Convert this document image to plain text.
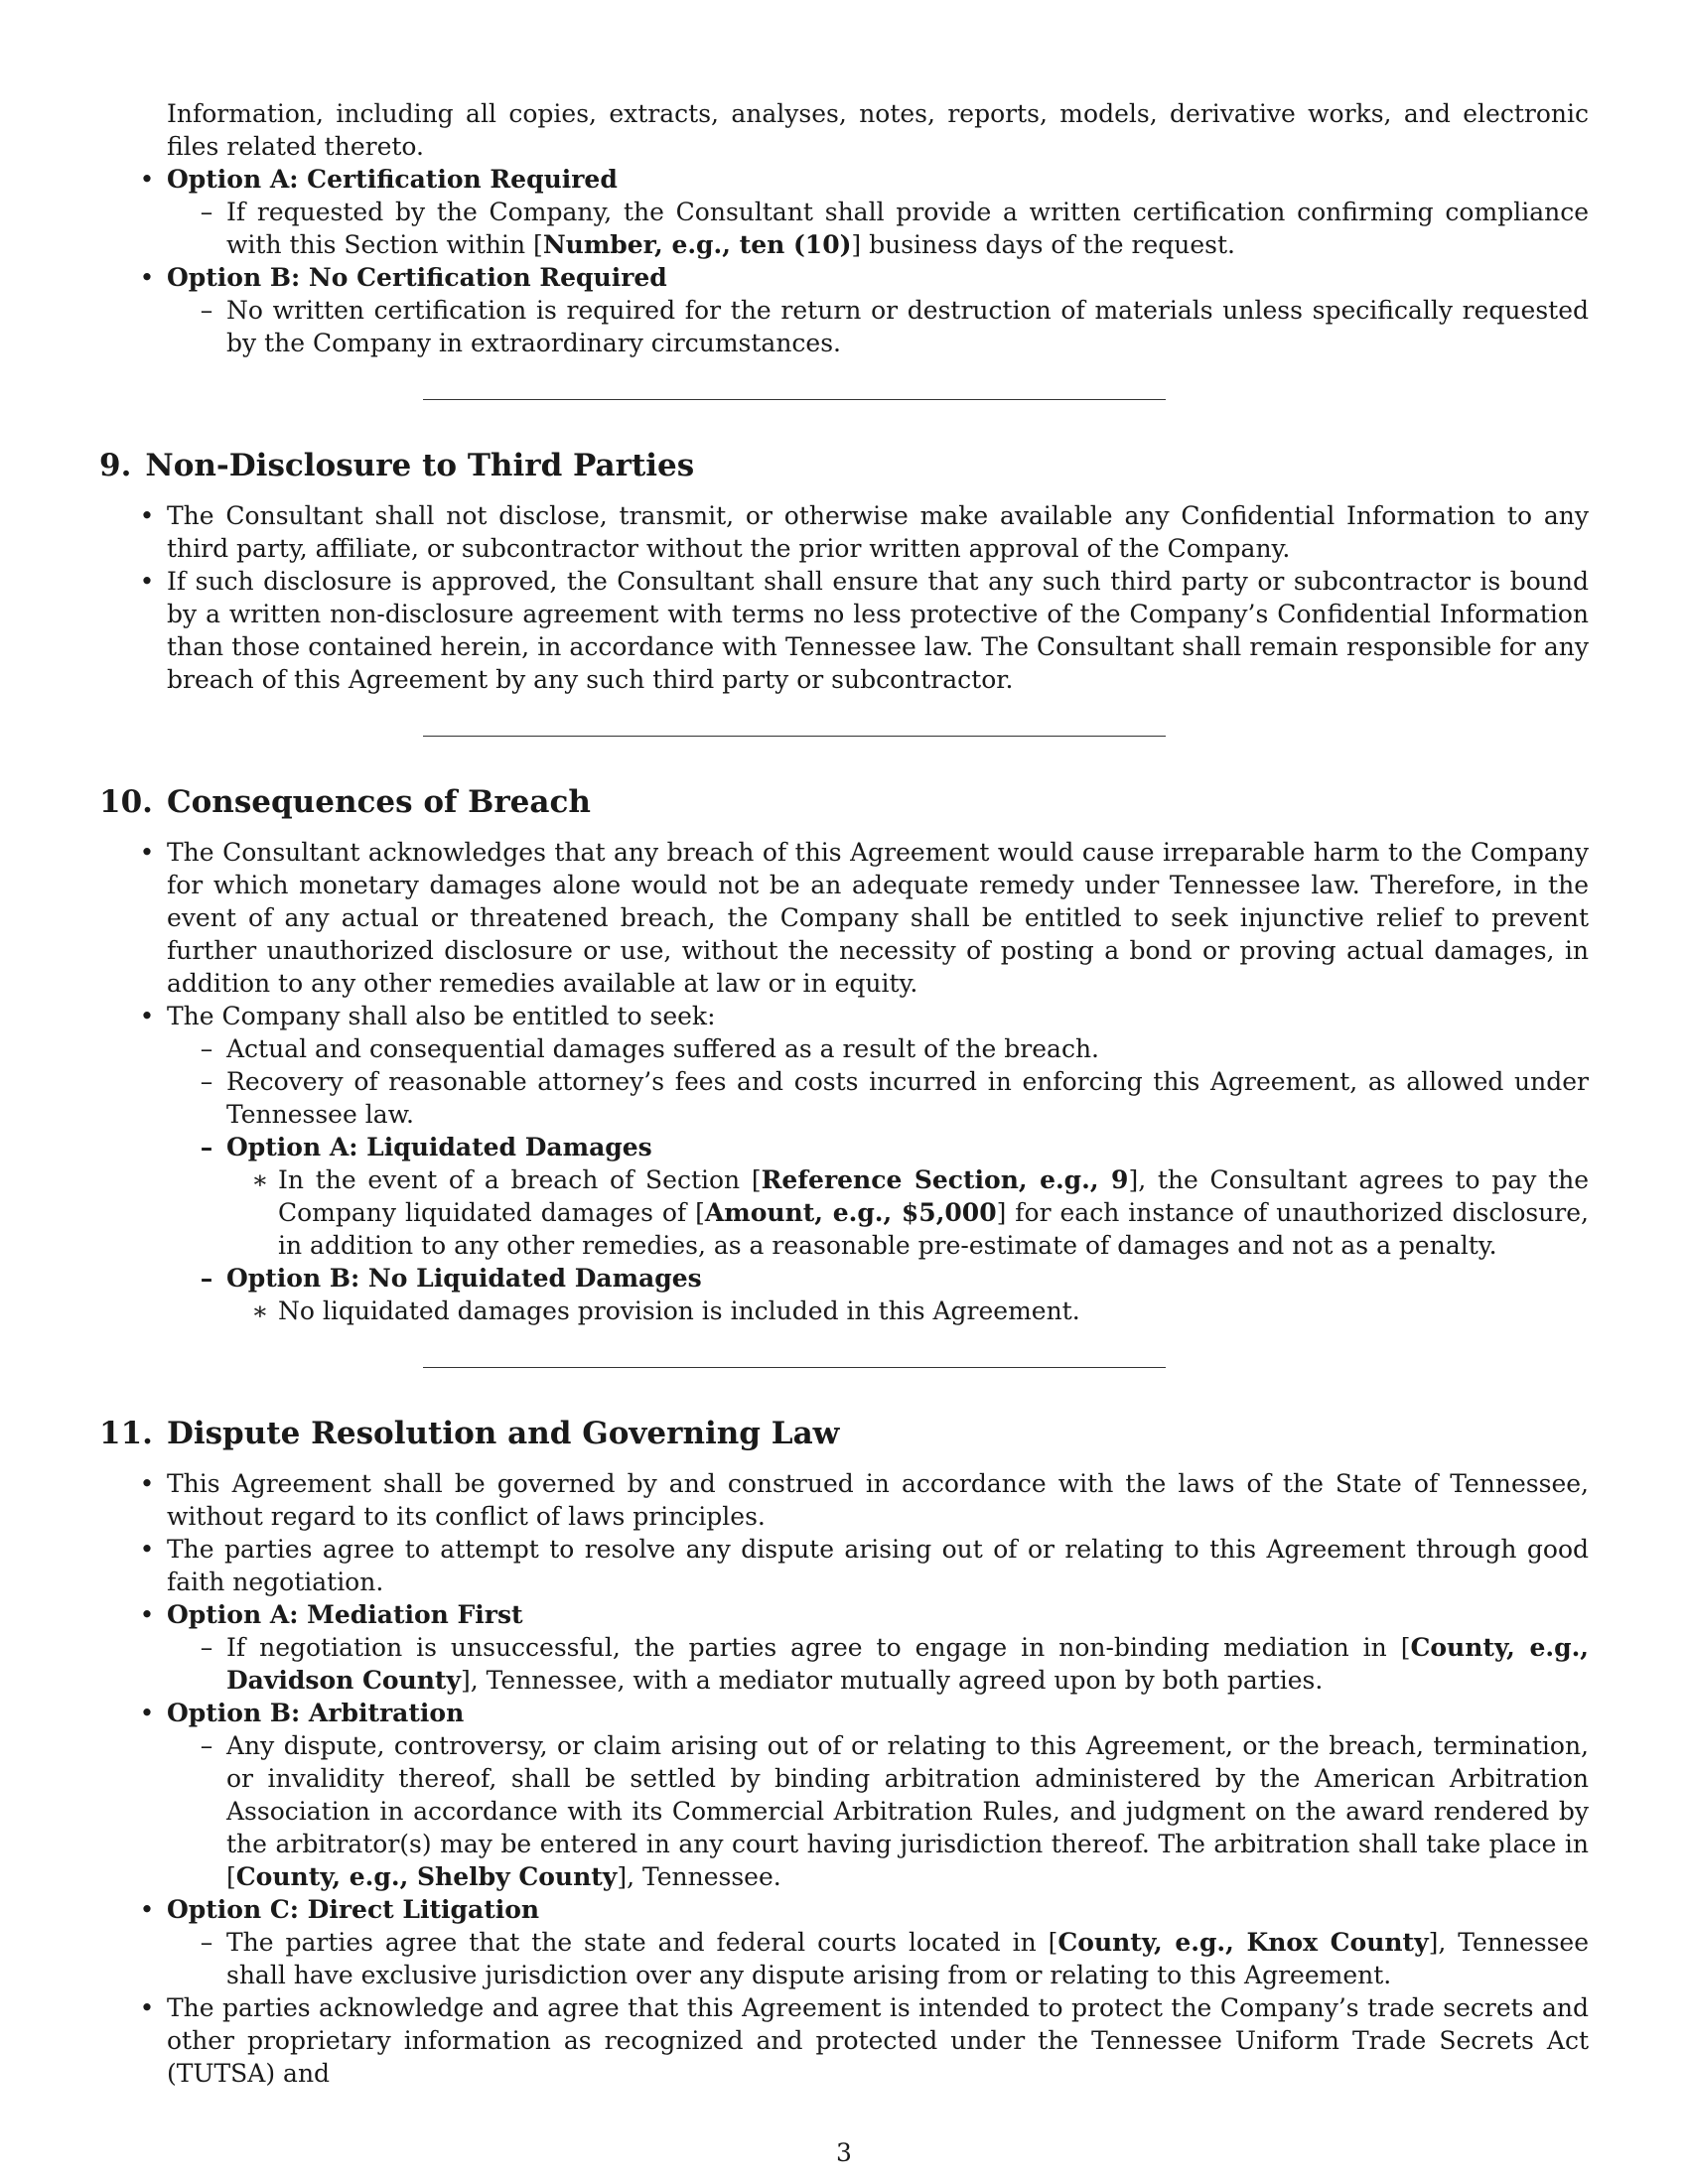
Information, including all copies, extracts, analyses, notes, reports, models, derivative works, and electronic files related thereto.
• Option A: Certification Required
– If requested by the Company, the Consultant shall provide a written certification confirming compliance with this Section within [Number, e.g., ten (10)] business days of the request.
• Option B: No Certification Required
– No written certification is required for the return or destruction of materials unless specifically requested by the Company in extraordinary circumstances.
9. Non-Disclosure to Third Parties
• The Consultant shall not disclose, transmit, or otherwise make available any Confidential Information to any third party, affiliate, or subcontractor without the prior written approval of the Company.
• If such disclosure is approved, the Consultant shall ensure that any such third party or subcontractor is bound by a written non-disclosure agreement with terms no less protective of the Company’s Confidential Information than those contained herein, in accordance with Tennessee law. The Consultant shall remain responsible for any breach of this Agreement by any such third party or subcontractor.
10. Consequences of Breach
• The Consultant acknowledges that any breach of this Agreement would cause irreparable harm to the Company for which monetary damages alone would not be an adequate remedy under Tennessee law. Therefore, in the event of any actual or threatened breach, the Company shall be entitled to seek injunctive relief to prevent further unauthorized disclosure or use, without the necessity of posting a bond or proving actual damages, in addition to any other remedies available at law or in equity.
• The Company shall also be entitled to seek:
– Actual and consequential damages suffered as a result of the breach.
– Recovery of reasonable attorney’s fees and costs incurred in enforcing this Agreement, as allowed under Tennessee law.
– Option A: Liquidated Damages
∗ In the event of a breach of Section [Reference Section, e.g., 9], the Consultant agrees to pay the Company liquidated damages of [Amount, e.g., $5,000] for each instance of unauthorized disclosure, in addition to any other remedies, as a reasonable pre-estimate of damages and not as a penalty.
– Option B: No Liquidated Damages
∗ No liquidated damages provision is included in this Agreement.
11. Dispute Resolution and Governing Law
• This Agreement shall be governed by and construed in accordance with the laws of the State of Tennessee, without regard to its conflict of laws principles.
• The parties agree to attempt to resolve any dispute arising out of or relating to this Agreement through good faith negotiation.
• Option A: Mediation First
– If negotiation is unsuccessful, the parties agree to engage in non-binding mediation in [County, e.g., Davidson County], Tennessee, with a mediator mutually agreed upon by both parties.
• Option B: Arbitration
– Any dispute, controversy, or claim arising out of or relating to this Agreement, or the breach, termination, or invalidity thereof, shall be settled by binding arbitration administered by the American Arbitration Association in accordance with its Commercial Arbitration Rules, and judgment on the award rendered by the arbitrator(s) may be entered in any court having jurisdiction thereof. The arbitration shall take place in [County, e.g., Shelby County], Tennessee.
• Option C: Direct Litigation
– The parties agree that the state and federal courts located in [County, e.g., Knox County], Tennessee shall have exclusive jurisdiction over any dispute arising from or relating to this Agreement.
• The parties acknowledge and agree that this Agreement is intended to protect the Company’s trade secrets and other proprietary information as recognized and protected under the Tennessee Uniform Trade Secrets Act (TUTSA) and
3
